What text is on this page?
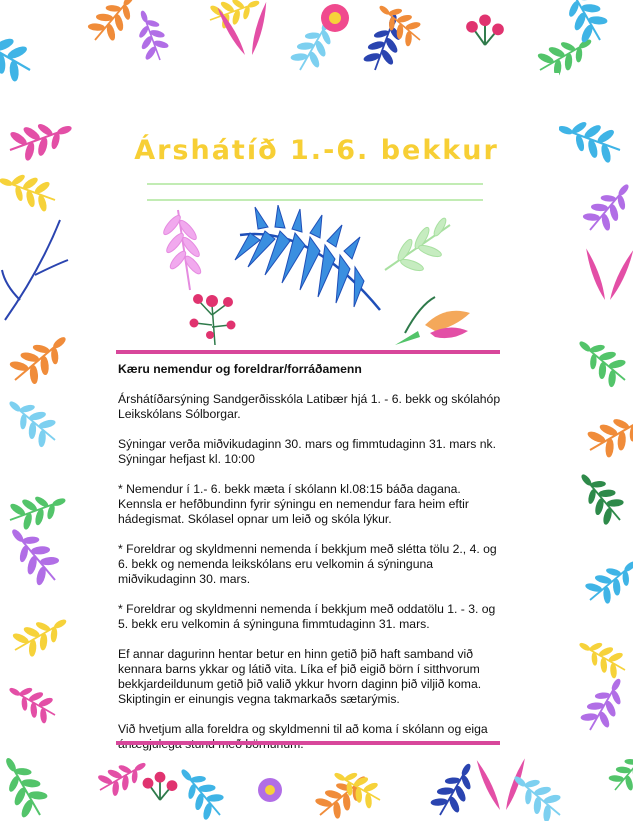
Árshátíð 1.-6. bekkur

Kæru nemendur og foreldrar/forráðamenn

Árshátíðarsýning Sandgerðisskóla Latibær hjá 1. - 6. bekk og skólahóp Leikskólans Sólborgar.

Sýningar verða miðvikudaginn 30. mars og fimmtudaginn 31. mars nk. Sýningar hefjast kl. 10:00

* Nemendur í 1.- 6. bekk mæta í skólann kl.08:15 báða dagana. Kennsla er hefðbundinn fyrir sýningu en nemendur fara heim eftir hádegismat. Skólasel opnar um leið og skóla lýkur.

* Foreldrar og skyldmenni nemenda í bekkjum með slétta tölu 2., 4. og 6. bekk og nemenda leikskólans eru velkomin á sýninguna miðvikudaginn 30. mars.

* Foreldrar og skyldmenni nemenda í bekkjum með oddatölu 1. - 3. og 5. bekk eru velkomin á sýninguna fimmtudaginn 31. mars.

Ef annar dagurinn hentar betur en hinn getið þið haft samband við kennara barns ykkar og látið vita. Líka ef þið eigið börn í sitthvorum bekkjardeildunum getið þið valið ykkur hvorn daginn þið viljið koma. Skiptingin er einungis vegna takmarkaðs sætarýmis.

Við hvetjum alla foreldra og skyldmenni til að koma í skólann og eiga
